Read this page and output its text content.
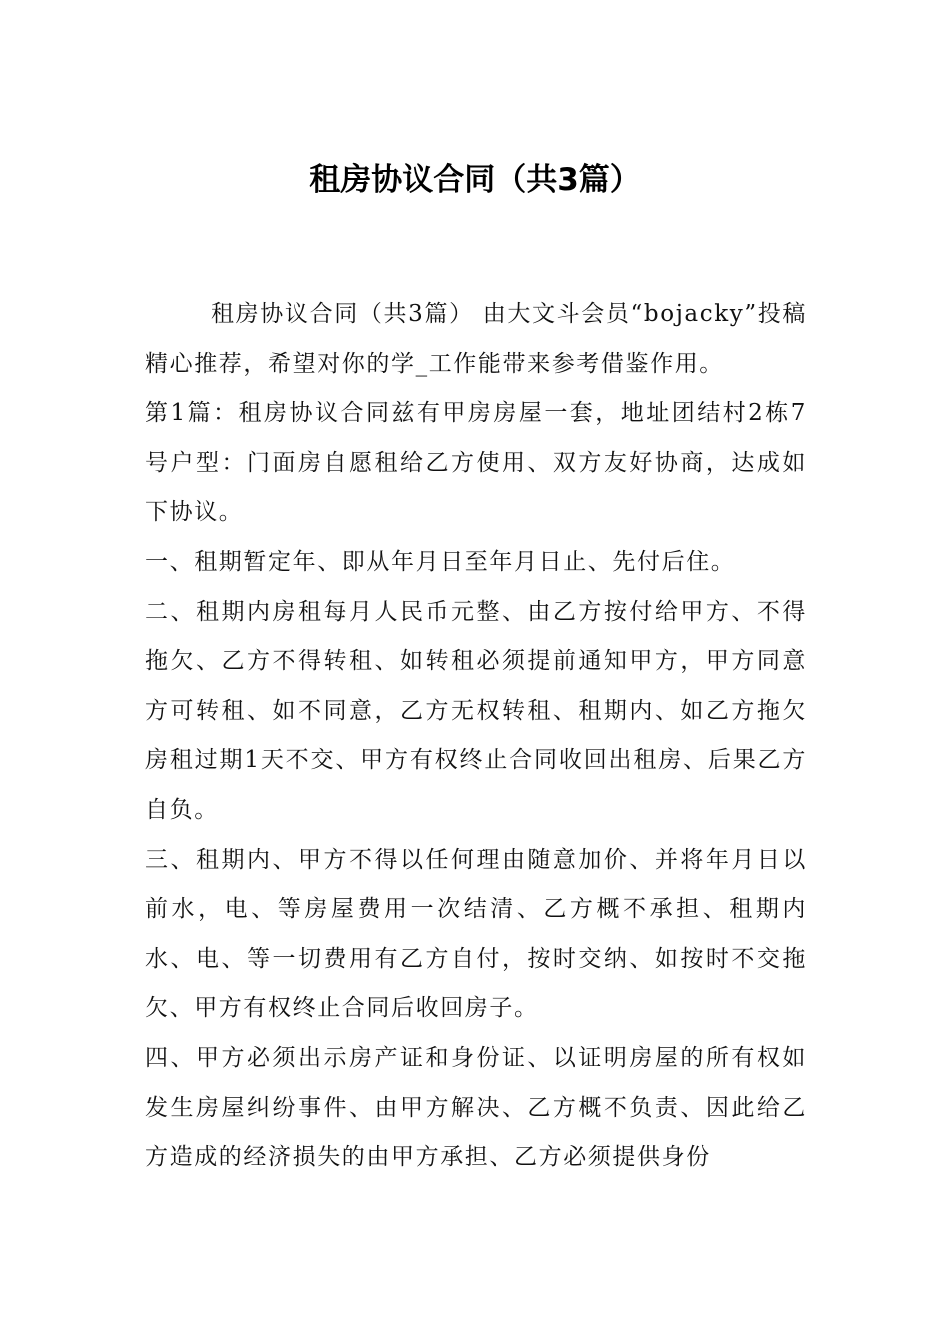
租房协议合同（共3篇）

租房协议合同（共3篇） 由大文斗会员“bojacky”投稿精心推荐，希望对你的学_工作能带来参考借鉴作用。

第1篇：租房协议合同兹有甲房房屋一套，地址团结村2栋7号户型：门面房自愿租给乙方使用、双方友好协商，达成如下协议。

一、租期暂定年、即从年月日至年月日止、先付后住。

二、租期内房租每月人民币元整、由乙方按付给甲方、不得拖欠、乙方不得转租、如转租必须提前通知甲方，甲方同意方可转租、如不同意，乙方无权转租、租期内、如乙方拖欠房租过期1天不交、甲方有权终止合同收回出租房、后果乙方自负。

三、租期内、甲方不得以任何理由随意加价、并将年月日以前水，电、等房屋费用一次结清、乙方概不承担、租期内水、电、等一切费用有乙方自付，按时交纳、如按时不交拖欠、甲方有权终止合同后收回房子。

四、甲方必须出示房产证和身份证、以证明房屋的所有权如发生房屋纠纷事件、由甲方解决、乙方概不负责、因此给乙方造成的经济损失的由甲方承担、乙方必须提供身份
